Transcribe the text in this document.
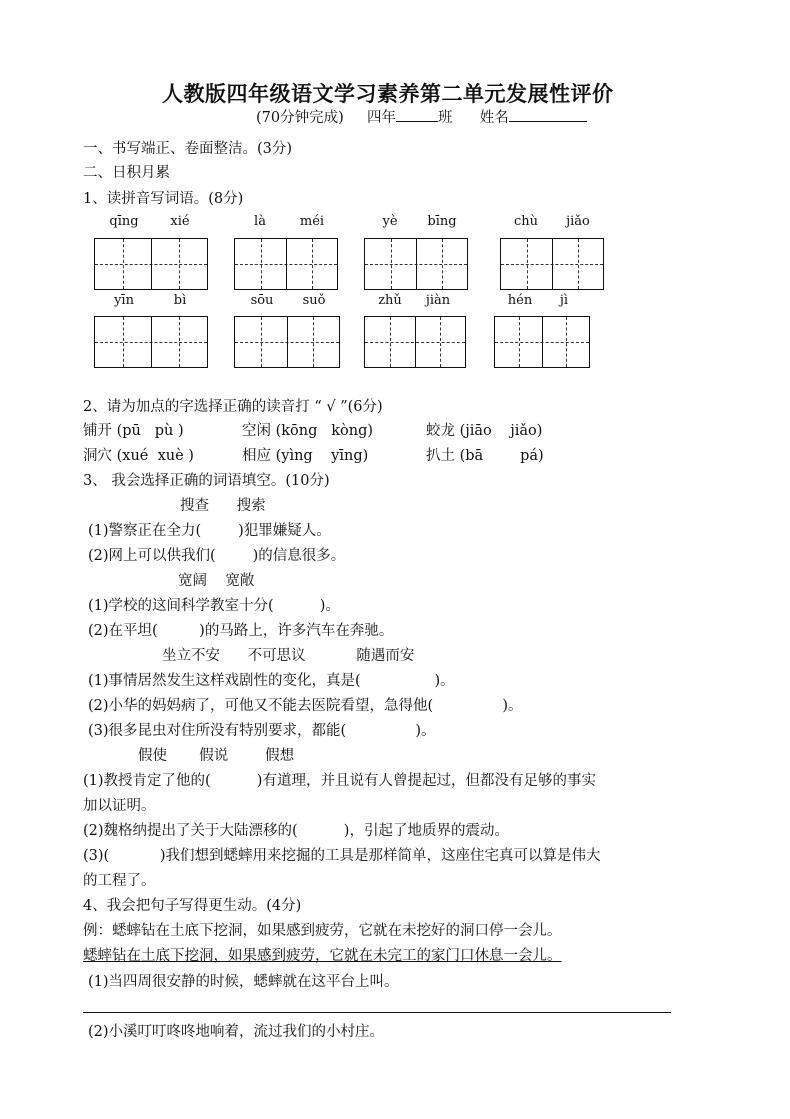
人教版四年级语文学习素养第二单元发展性评价
(70分钟完成) 四年	班 姓名
一、书写端正、卷面整洁。(3分)
二、日积月累
1、读拼音写词语。(8分)
qīng	xié	là	méi	yè	bīng	chù	jiǎo
yīn	bì	sōu	suǒ	zhǔ	jiàn	hén	jì
2、请为加点的字选择正确的读音打 “ √ ”(6分)
铺开 (pū   pù )	空闲 (kōng   kòng)	蛟龙 (jiāo    jiǎo)
洞穴 (xué  xuè )	相应 (yìng    yīng)	扒土 (bā        pá)
3、 我会选择正确的词语填空。(10分)
搜查      搜索
(1)警察正在全力(        )犯罪嫌疑人。
(2)网上可以供我们(        )的信息很多。
宽阔    宽敞
(1)学校的这间科学教室十分(          )。
(2)在平坦(         )的马路上，许多汽车在奔驰。
坐立不安      不可思议           随遇而安
(1)事情居然发生这样戏剧性的变化，真是(                )。
(2)小华的妈妈病了，可他又不能去医院看望，急得他(               )。
(3)很多昆虫对住所没有特别要求，都能(               )。
假使       假说        假想
(1)教授肯定了他的(          )有道理，并且说有人曾提起过，但都没有足够的事实
加以证明。
(2)魏格纳提出了关于大陆漂移的(          )，引起了地质界的震动。
(3)(           )我们想到蟋蟀用来挖掘的工具是那样简单，这座住宅真可以算是伟大
的工程了。
4、我会把句子写得更生动。(4分)
例：蟋蟀钻在土底下挖洞，如果感到疲劳，它就在未挖好的洞口停一会儿。
蟋蟀钻在土底下挖洞，如果感到疲劳，它就在未完工的家门口休息一会儿。
(1)当四周很安静的时候，蟋蟀就在这平台上叫。
(2)小溪叮叮咚咚地响着，流过我们的小村庄。
